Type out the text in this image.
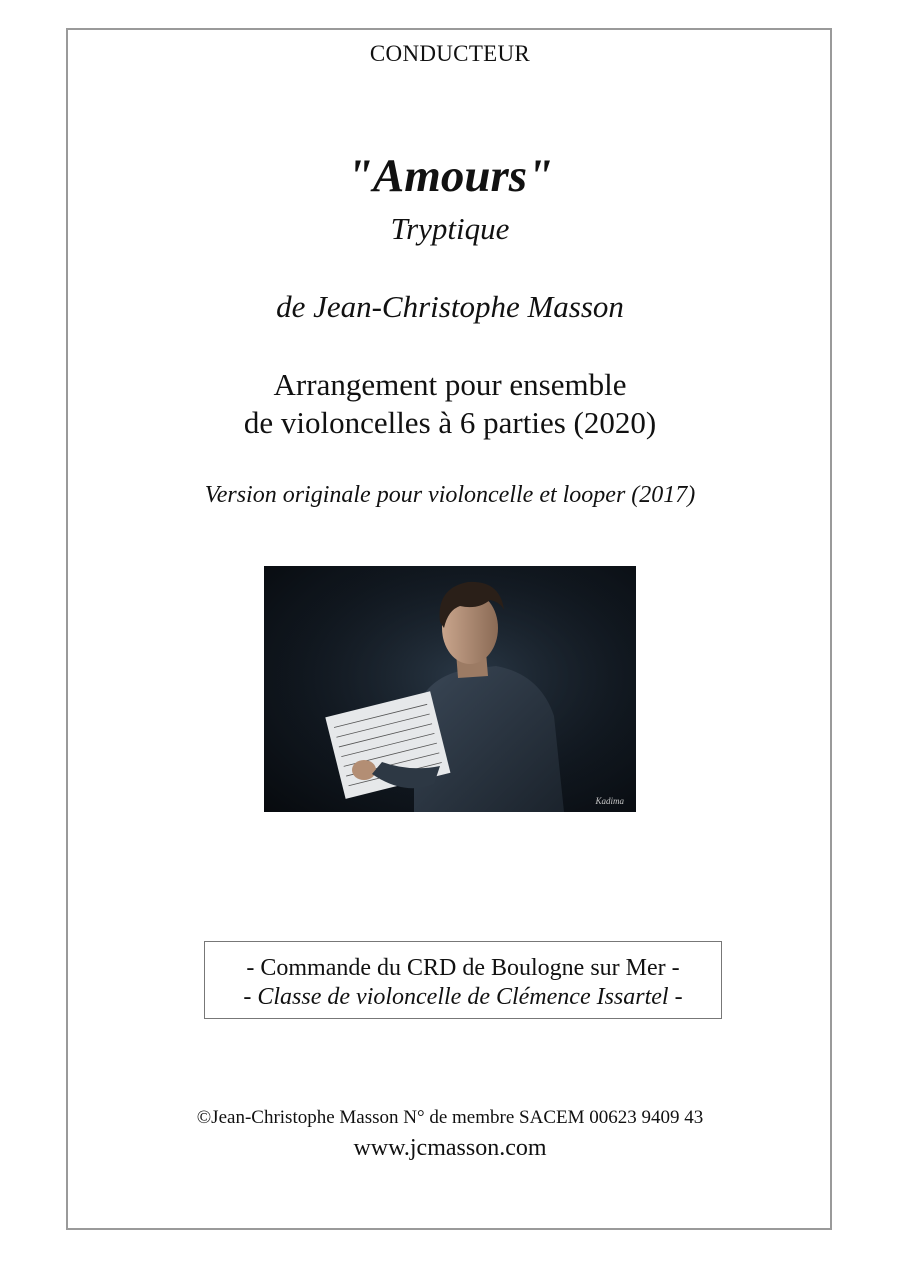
CONDUCTEUR
"Amours"
Tryptique
de Jean-Christophe Masson
Arrangement pour ensemble
de violoncelles à 6 parties (2020)
Version originale pour violoncelle et looper (2017)
Kadima
- Commande du CRD de Boulogne sur Mer -
- Classe de violoncelle de Clémence Issartel -
©Jean-Christophe Masson N° de membre SACEM 00623 9409 43
www.jcmasson.com
